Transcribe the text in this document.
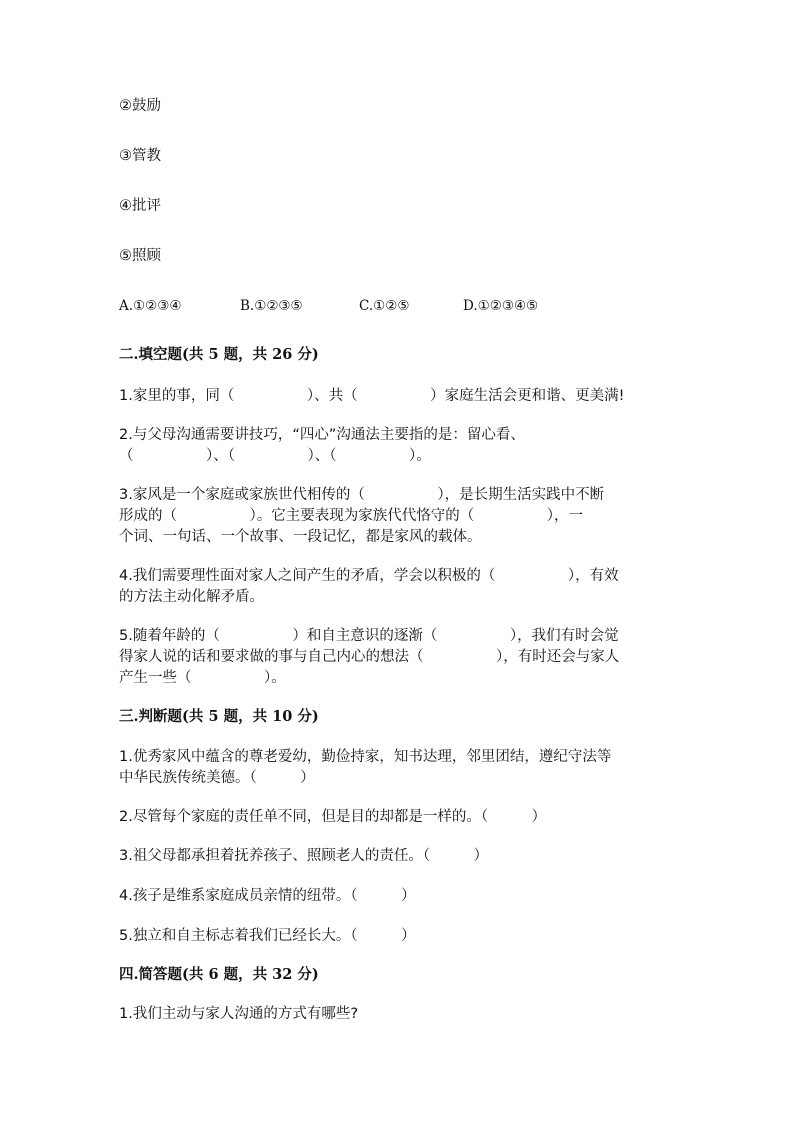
②鼓励
③管教
④批评
⑤照顾
A.①②③④	B.①②③⑤	C.①②⑤	D.①②③④⑤
二.填空题(共 5 题，共 26 分)
1.家里的事，同（　　　　　）、共（　　　　　）家庭生活会更和谐、更美满!
2.与父母沟通需要讲技巧，“四心”沟通法主要指的是：留心看、
（　　　　　）、（　　　　　）、（　　　　　）。
3.家风是一个家庭或家族世代相传的（　　　　　），是长期生活实践中不断
形成的（　　　　　）。它主要表现为家族代代恪守的（　　　　　），一
个词、一句话、一个故事、一段记忆，都是家风的载体。
4.我们需要理性面对家人之间产生的矛盾，学会以积极的（　　　　　），有效
的方法主动化解矛盾。
5.随着年龄的（　　　　　）和自主意识的逐渐（　　　　　），我们有时会觉
得家人说的话和要求做的事与自己内心的想法（　　　　　），有时还会与家人
产生一些（　　　　　）。
三.判断题(共 5 题，共 10 分)
1.优秀家风中蕴含的尊老爱幼，勤俭持家，知书达理，邻里团结，遵纪守法等
中华民族传统美德。（　　　）
2.尽管每个家庭的责任单不同，但是目的却都是一样的。（　　　）
3.祖父母都承担着抚养孩子、照顾老人的责任。（　　　）
4.孩子是维系家庭成员亲情的纽带。（　　　）
5.独立和自主标志着我们已经长大。（　　　）
四.简答题(共 6 题，共 32 分)
1.我们主动与家人沟通的方式有哪些?
